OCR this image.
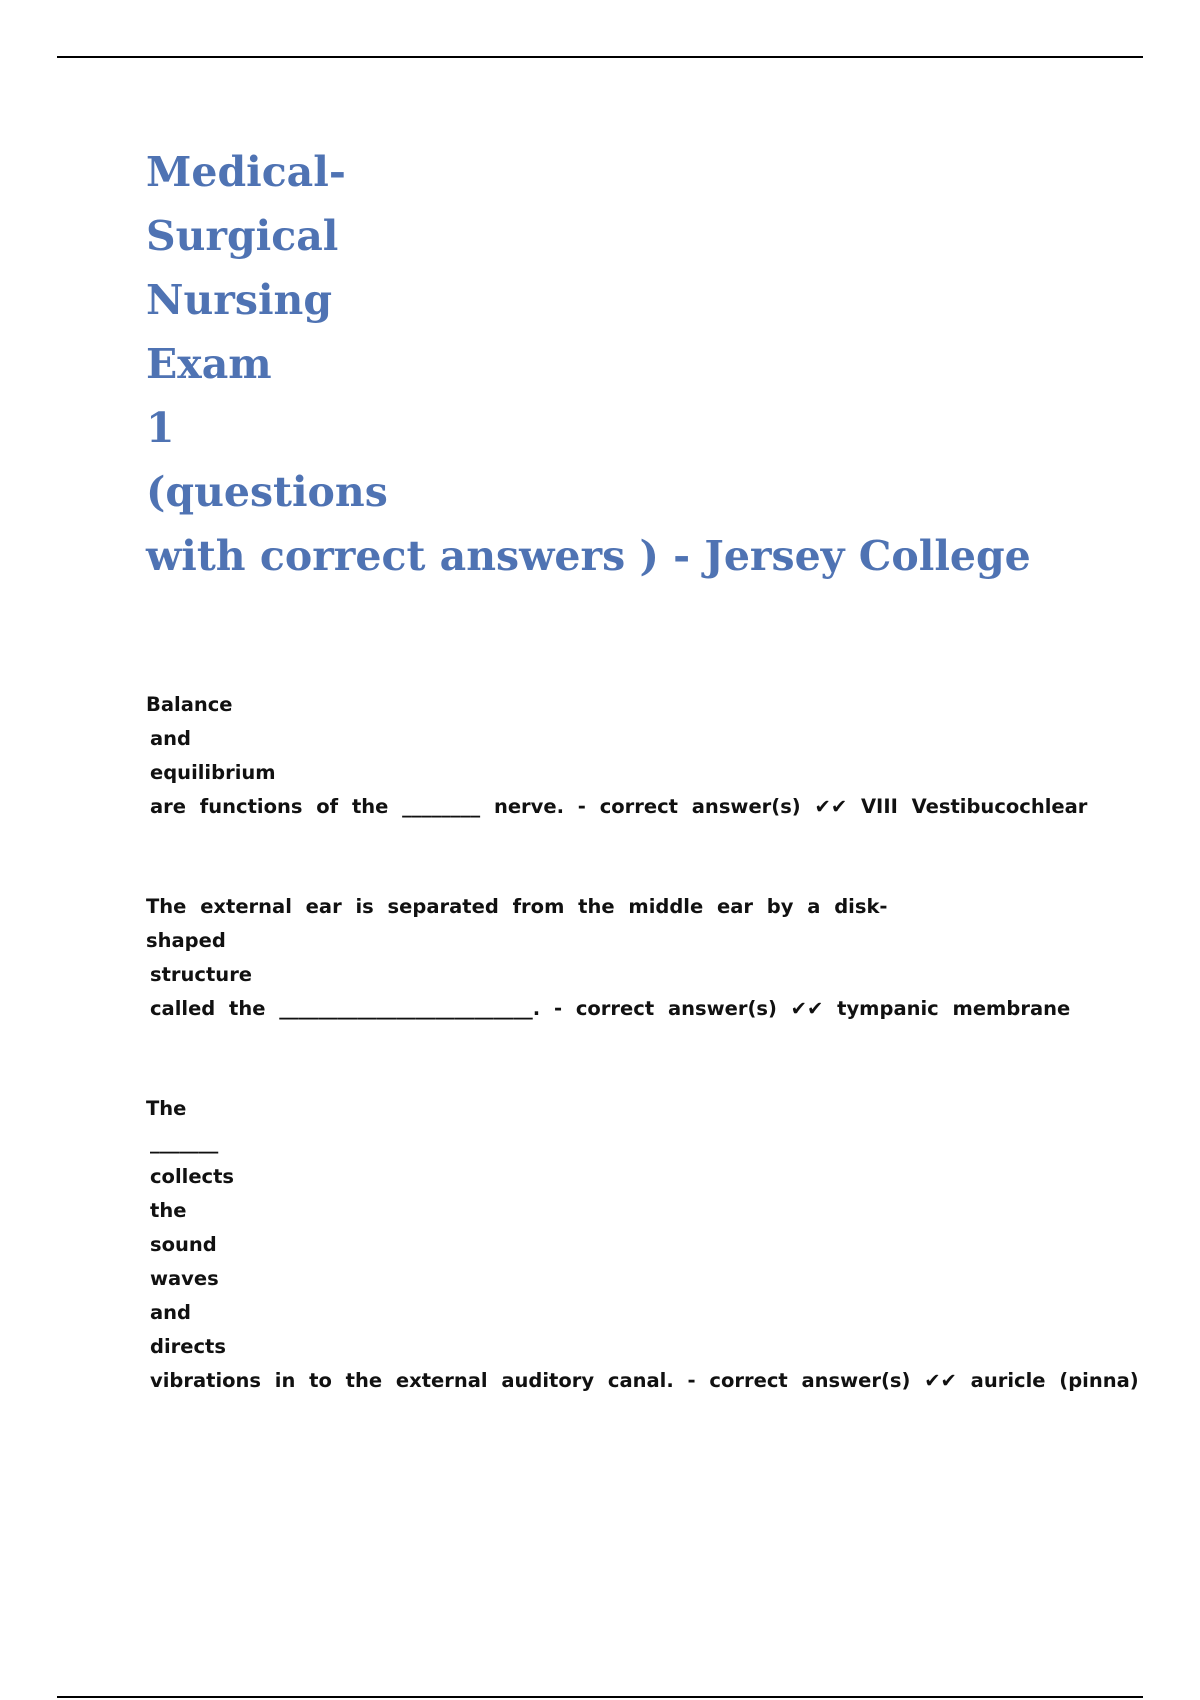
Medical-
Surgical
Nursing
Exam
1
(questions
with correct answers ) - Jersey College
Balance
and
equilibrium
are functions of the ________ nerve. - correct answer(s) ✔✔ VIII Vestibucochlear
The external ear is separated from the middle ear by a disk-
shaped
structure
called the __________________________. - correct answer(s) ✔✔ tympanic membrane
The
_______
collects
the
sound
waves
and
directs
vibrations in to the external auditory canal. - correct answer(s) ✔✔ auricle (pinna)
